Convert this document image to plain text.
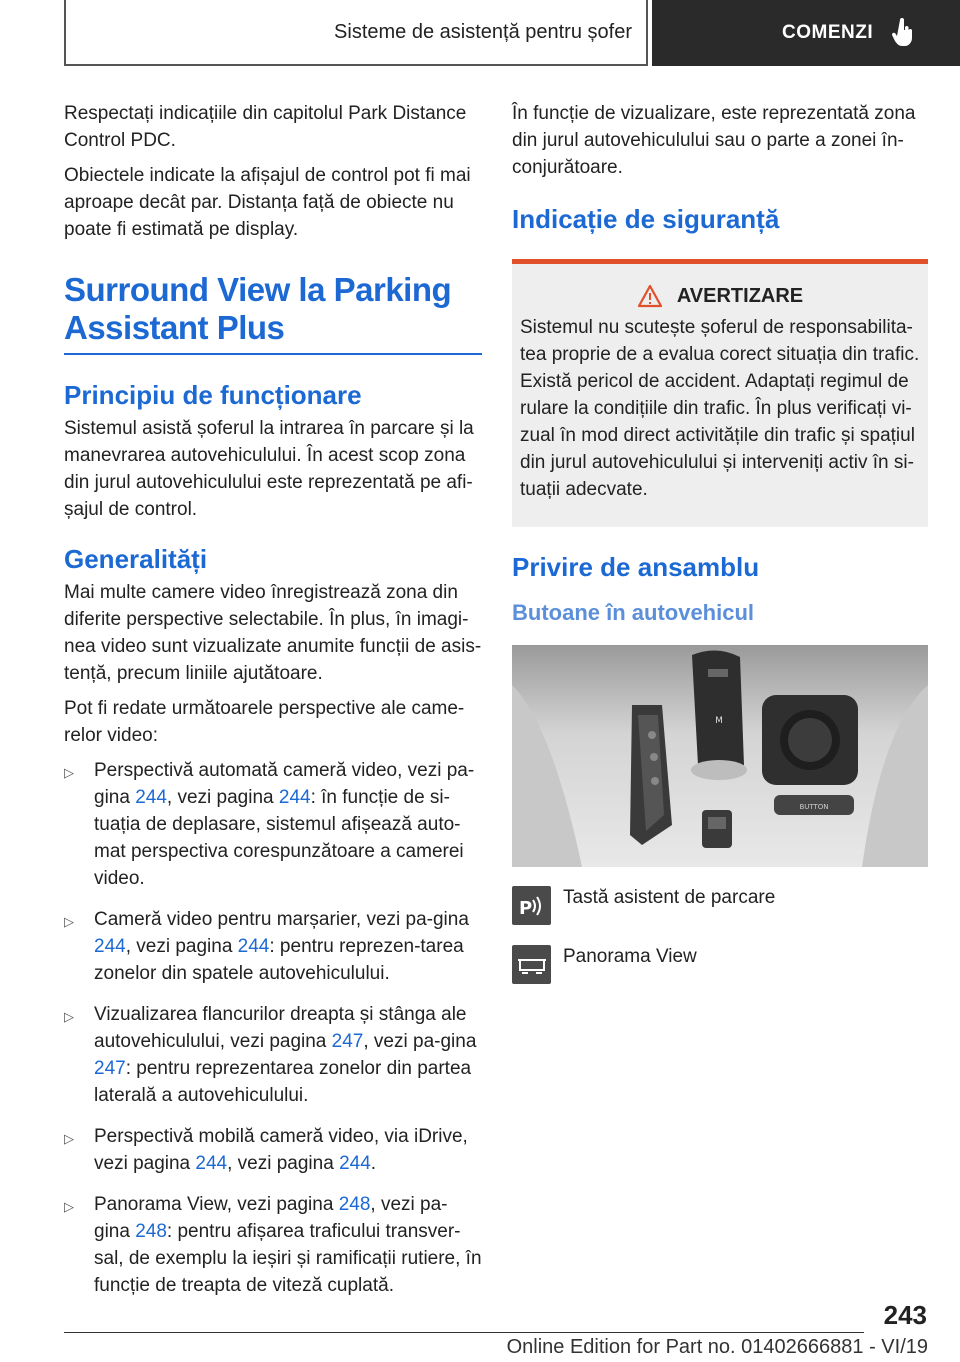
Sisteme de asistență pentru șofer	COMENZI

Respectați indicațiile din capitolul Park Distance Control PDC.

Obiectele indicate la afișajul de control pot fi mai aproape decât par. Distanța față de obiecte nu poate fi estimată pe display.

Surround View la Parking Assistant Plus
Principiu de funcționare

Sistemul asistă șoferul la intrarea în parcare și la manevrarea autovehiculului. În acest scop zona din jurul autovehiculului este reprezentată pe afi-șajul de control.

Generalități

Mai multe camere video înregistrează zona din diferite perspective selectabile. În plus, în imagi-nea video sunt vizualizate anumite funcții de asis-tență, precum liniile ajutătoare.

Pot fi redate următoarele perspective ale came-relor video:

▷ Perspectivă automată cameră video, vezi pa-gina 244, vezi pagina 244: în funcție de si-tuația de deplasare, sistemul afișează auto-mat perspectiva corespunzătoare a camerei video.
▷ Cameră video pentru marșarier, vezi pa-gina 244, vezi pagina 244: pentru reprezen-tarea zonelor din spatele autovehiculului.
▷ Vizualizarea flancurilor dreapta și stânga ale autovehiculului, vezi pagina 247, vezi pa-gina 247: pentru reprezentarea zonelor din partea laterală a autovehiculului.
▷ Perspectivă mobilă cameră video, via iDrive, vezi pagina 244, vezi pagina 244.
▷ Panorama View, vezi pagina 248, vezi pa-gina 248: pentru afișarea traficului transver-sal, de exemplu la ieșiri și ramificații rutiere, în funcție de treapta de viteză cuplată.

În funcție de vizualizare, este reprezentată zona din jurul autovehiculului sau o parte a zonei în-conjurătoare.

Indicație de siguranță
AVERTIZARE

Sistemul nu scutește șoferul de responsabilita-tea proprie de a evalua corect situația din trafic. Există pericol de accident. Adaptați regimul de rulare la condițiile din trafic. În plus verificați vi-zual în mod direct activitățile din trafic și spațiul din jurul autovehiculului și interveniți activ în si-tuații adecvate.

Privire de ansamblu
Butoane în autovehicul
M
BUTTON
P Tastă asistent de parcare
Panorama View
243
Online Edition for Part no. 01402666881 - VI/19
